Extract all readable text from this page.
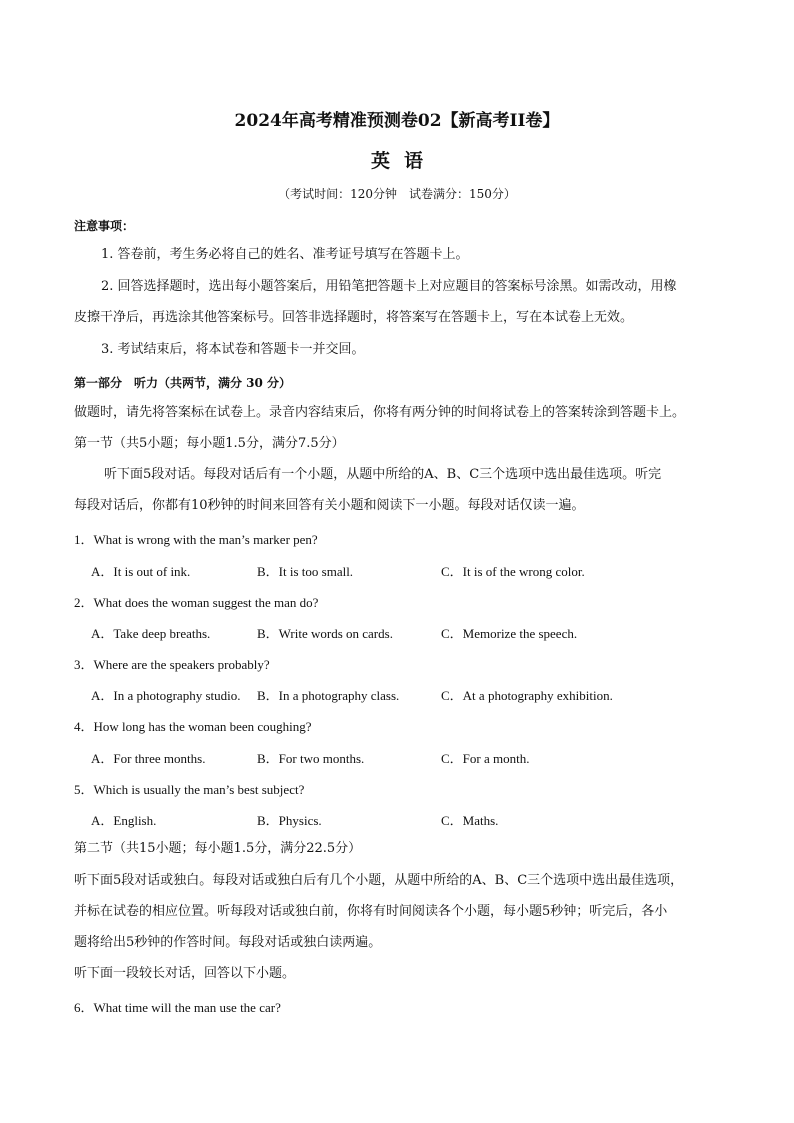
2024年高考精准预测卷02【新高考II卷】
英语
（考试时间：120分钟　试卷满分：150分）
注意事项：
1. 答卷前，考生务必将自己的姓名、准考证号填写在答题卡上。
2. 回答选择题时，选出每小题答案后，用铅笔把答题卡上对应题目的答案标号涂黑。如需改动，用橡
皮擦干净后，再选涂其他答案标号。回答非选择题时，将答案写在答题卡上，写在本试卷上无效。
3. 考试结束后，将本试卷和答题卡一并交回。
第一部分　听力（共两节，满分 30 分）
做题时，请先将答案标在试卷上。录音内容结束后，你将有两分钟的时间将试卷上的答案转涂到答题卡上。
第一节（共5小题；每小题1.5分，满分7.5分）
听下面5段对话。每段对话后有一个小题，从题中所给的A、B、C三个选项中选出最佳选项。听完
每段对话后，你都有10秒钟的时间来回答有关小题和阅读下一小题。每段对话仅读一遍。
1．What is wrong with the man’s marker pen?
A．It is out of ink.	B．It is too small.	C．It is of the wrong color.
2．What does the woman suggest the man do?
A．Take deep breaths.	B．Write words on cards.	C．Memorize the speech.
3．Where are the speakers probably?
A．In a photography studio. B．In a photography class.	C．At a photography exhibition.
4．How long has the woman been coughing?
A．For three months.	B．For two months.	C．For a month.
5．Which is usually the man’s best subject?
A．English.	B．Physics.	C．Maths.
第二节（共15小题；每小题1.5分，满分22.5分）
听下面5段对话或独白。每段对话或独白后有几个小题，从题中所给的A、B、C三个选项中选出最佳选项，
并标在试卷的相应位置。听每段对话或独白前，你将有时间阅读各个小题，每小题5秒钟；听完后，各小
题将给出5秒钟的作答时间。每段对话或独白读两遍。
听下面一段较长对话，回答以下小题。
6．What time will the man use the car?
